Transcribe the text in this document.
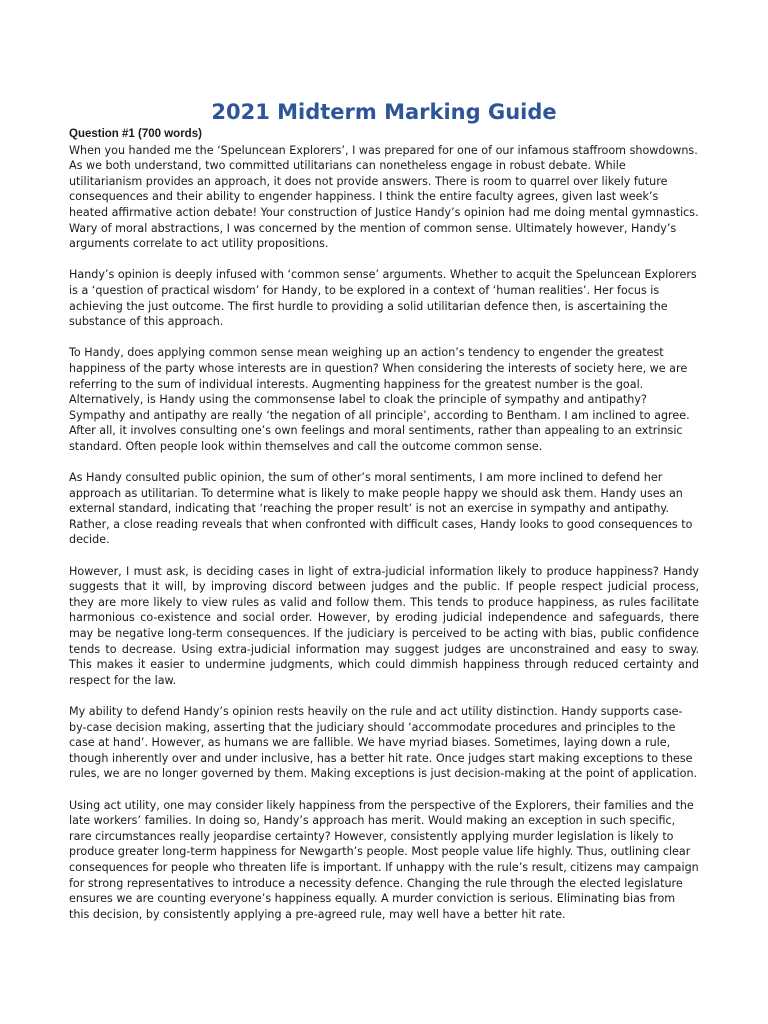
2021 Midterm Marking Guide

Question #1 (700 words)

When you handed me the ‘Speluncean Explorers’, I was prepared for one of our infamous staffroom showdowns. As we both understand, two committed utilitarians can nonetheless engage in robust debate. While utilitarianism provides an approach, it does not provide answers. There is room to quarrel over likely future consequences and their ability to engender happiness. I think the entire faculty agrees, given last week’s heated affirmative action debate! Your construction of Justice Handy’s opinion had me doing mental gymnastics. Wary of moral abstractions, I was concerned by the mention of common sense. Ultimately however, Handy’s arguments correlate to act utility propositions.

Handy’s opinion is deeply infused with ‘common sense’ arguments. Whether to acquit the Speluncean Explorers is a ‘question of practical wisdom’ for Handy, to be explored in a context of ‘human realities’. Her focus is achieving the just outcome. The first hurdle to providing a solid utilitarian defence then, is ascertaining the substance of this approach.

To Handy, does applying common sense mean weighing up an action’s tendency to engender the greatest happiness of the party whose interests are in question? When considering the interests of society here, we are referring to the sum of individual interests. Augmenting happiness for the greatest number is the goal. Alternatively, is Handy using the commonsense label to cloak the principle of sympathy and antipathy? Sympathy and antipathy are really ‘the negation of all principle’, according to Bentham. I am inclined to agree. After all, it involves consulting one’s own feelings and moral sentiments, rather than appealing to an extrinsic standard. Often people look within themselves and call the outcome common sense.

As Handy consulted public opinion, the sum of other’s moral sentiments, I am more inclined to defend her approach as utilitarian. To determine what is likely to make people happy we should ask them. Handy uses an external standard, indicating that ‘reaching the proper result’ is not an exercise in sympathy and antipathy. Rather, a close reading reveals that when confronted with difficult cases, Handy looks to good consequences to decide.

However, I must ask, is deciding cases in light of extra-judicial information likely to produce happiness? Handy suggests that it will, by improving discord between judges and the public. If people respect judicial process, they are more likely to view rules as valid and follow them. This tends to produce happiness, as rules facilitate harmonious co-existence and social order. However, by eroding judicial independence and safeguards, there may be negative long-term consequences. If the judiciary is perceived to be acting with bias, public confidence tends to decrease. Using extra-judicial information may suggest judges are unconstrained and easy to sway. This makes it easier to undermine judgments, which could dimmish happiness through reduced certainty and respect for the law.

My ability to defend Handy’s opinion rests heavily on the rule and act utility distinction. Handy supports case-by-case decision making, asserting that the judiciary should ‘accommodate procedures and principles to the case at hand’. However, as humans we are fallible. We have myriad biases. Sometimes, laying down a rule, though inherently over and under inclusive, has a better hit rate. Once judges start making exceptions to these rules, we are no longer governed by them. Making exceptions is just decision-making at the point of application.

Using act utility, one may consider likely happiness from the perspective of the Explorers, their families and the late workers’ families. In doing so, Handy’s approach has merit. Would making an exception in such specific, rare circumstances really jeopardise certainty? However, consistently applying murder legislation is likely to produce greater long-term happiness for Newgarth’s people. Most people value life highly. Thus, outlining clear consequences for people who threaten life is important. If unhappy with the rule’s result, citizens may campaign for strong representatives to introduce a necessity defence. Changing the rule through the elected legislature ensures we are counting everyone’s happiness equally. A murder conviction is serious. Eliminating bias from this decision, by consistently applying a pre-agreed rule, may well have a better hit rate.
